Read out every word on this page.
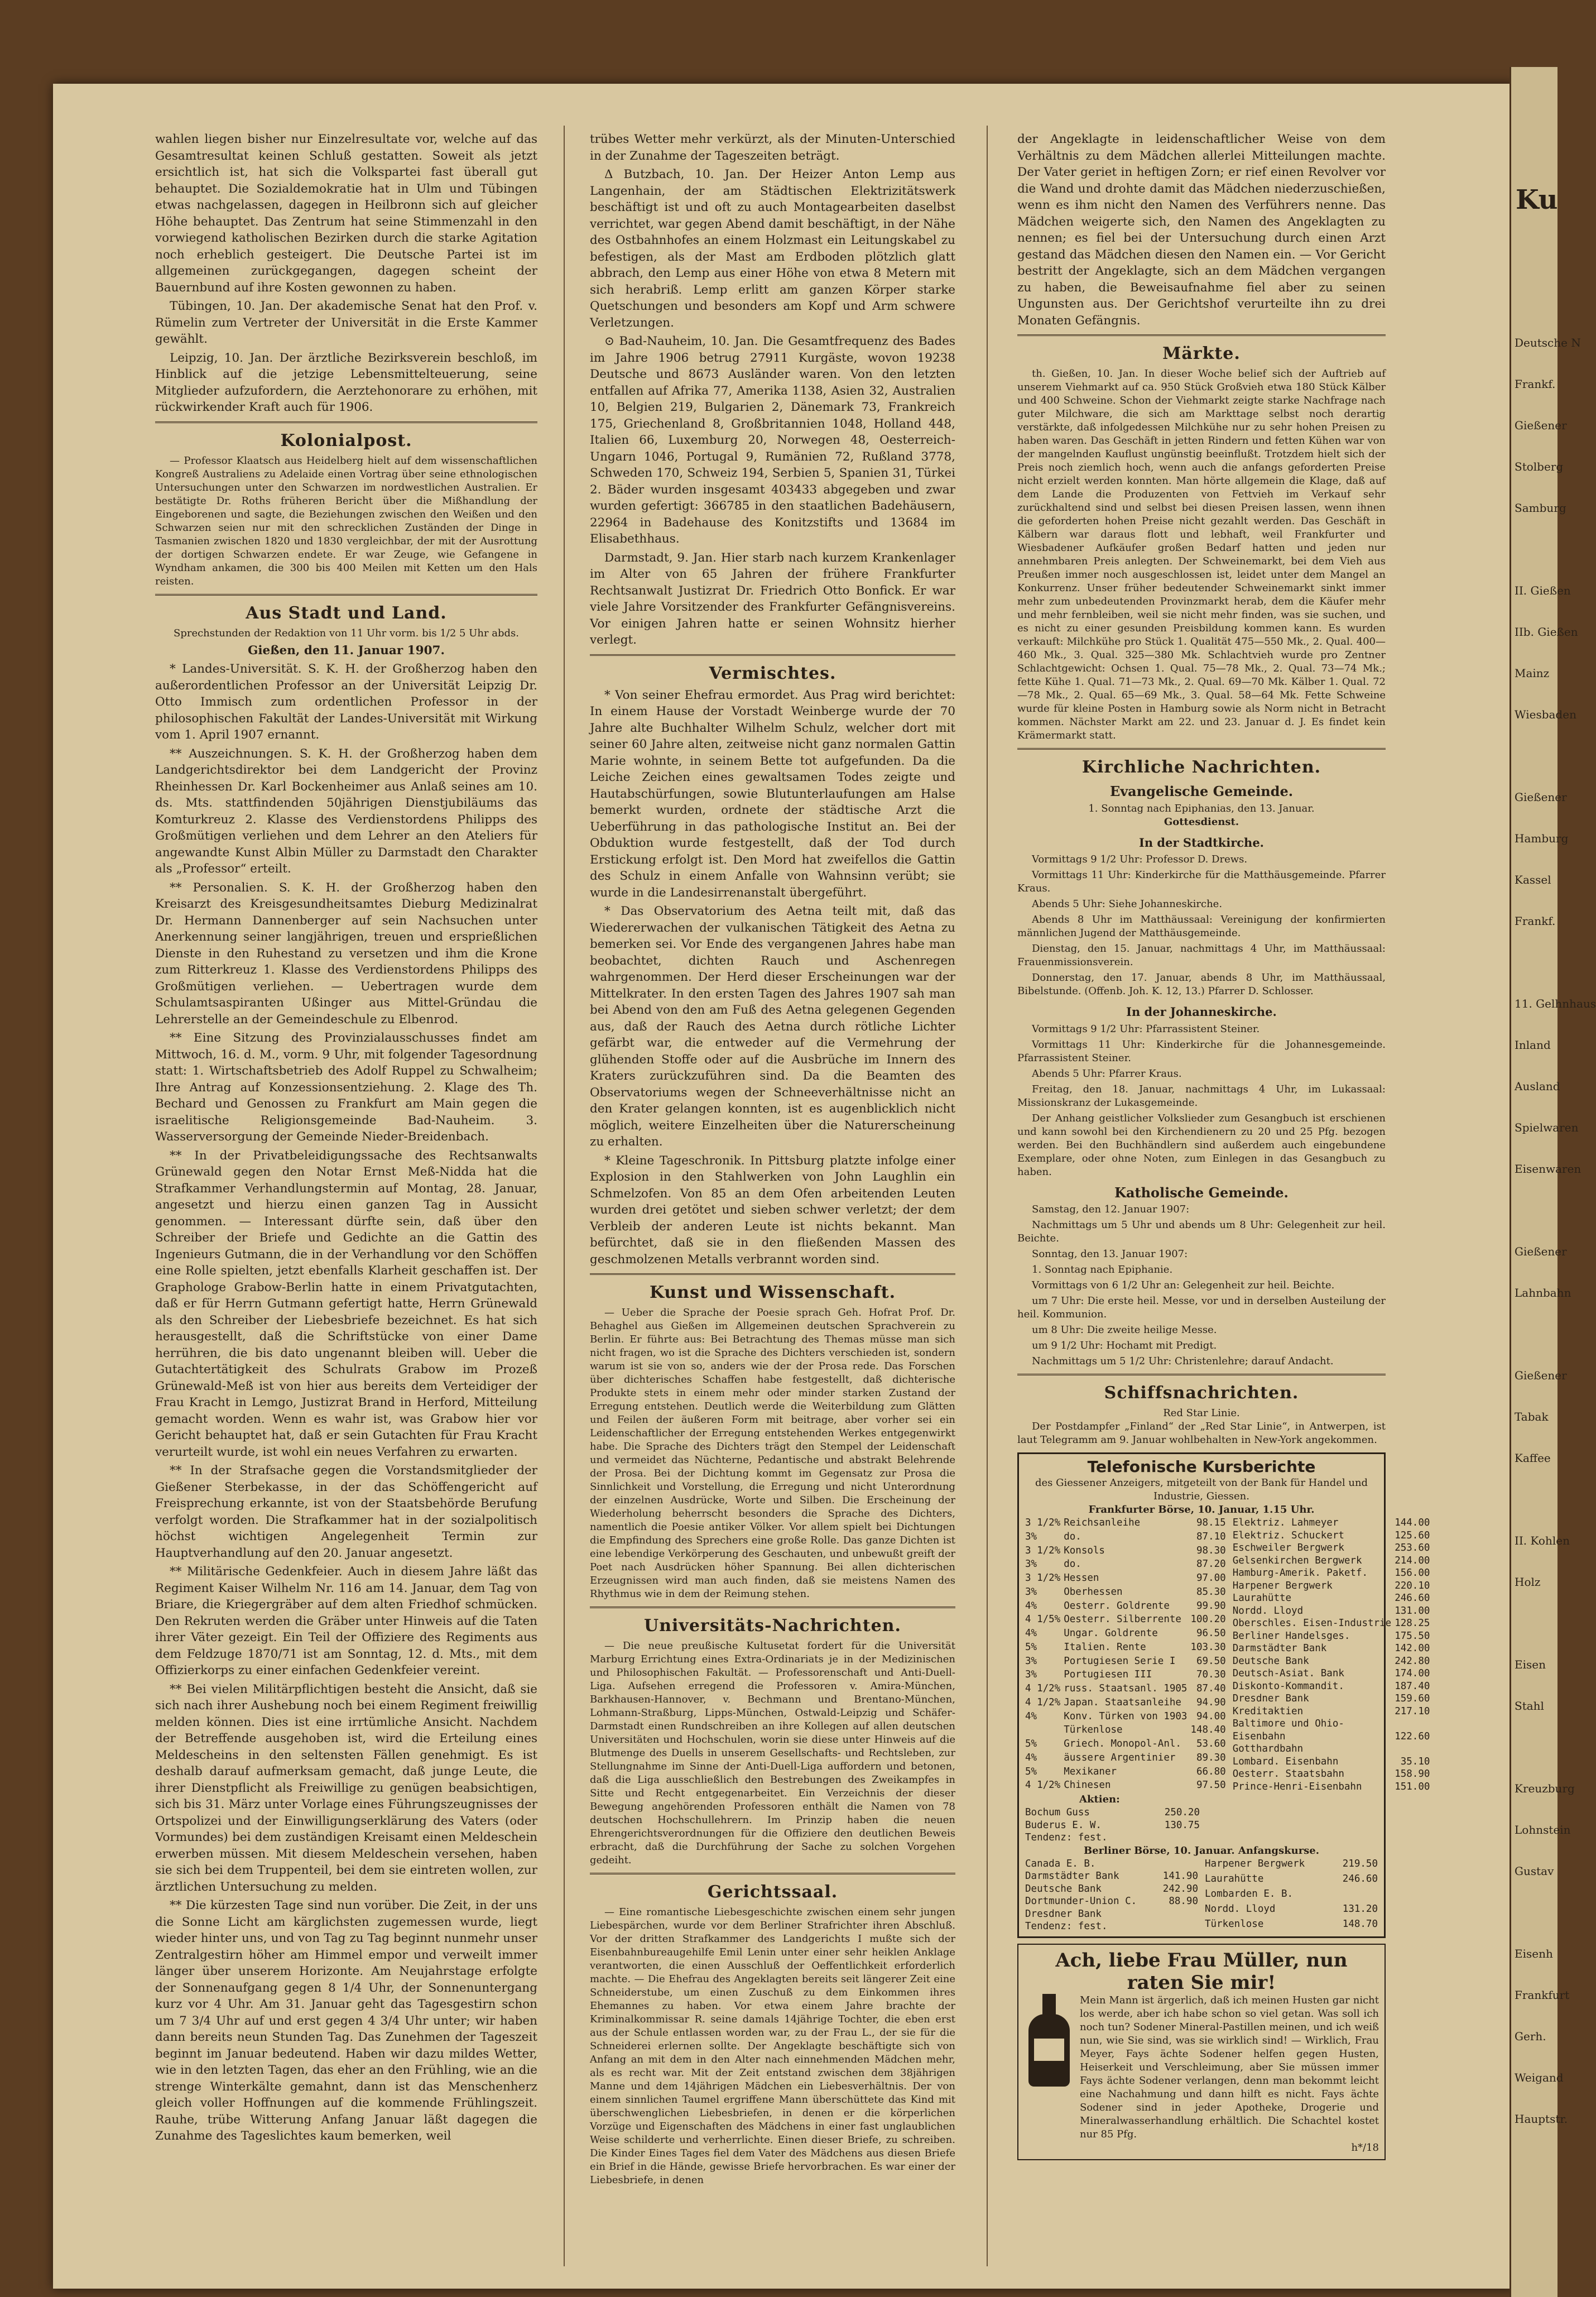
wahlen liegen bisher nur Einzelresultate vor, welche auf das Gesamtresultat keinen Schluß gestatten. Soweit als jetzt ersichtlich ist, hat sich die Volkspartei fast überall gut behauptet. Die Sozialdemokratie hat in Ulm und Tübingen etwas nachgelassen, dagegen in Heilbronn sich auf gleicher Höhe behauptet. Das Zentrum hat seine Stimmenzahl in den vorwiegend katholischen Bezirken durch die starke Agitation noch erheblich gesteigert. Die Deutsche Partei ist im allgemeinen zurückgegangen, dagegen scheint der Bauernbund auf ihre Kosten gewonnen zu haben.

Tübingen, 10. Jan. Der akademische Senat hat den Prof. v. Rümelin zum Vertreter der Universität in die Erste Kammer gewählt.

Leipzig, 10. Jan. Der ärztliche Bezirksverein beschloß, im Hinblick auf die jetzige Lebensmittelteuerung, seine Mitglieder aufzufordern, die Aerztehonorare zu erhöhen, mit rückwirkender Kraft auch für 1906.

Kolonialpost.

— Professor Klaatsch aus Heidelberg hielt auf dem wissenschaftlichen Kongreß Australiens zu Adelaide einen Vortrag über seine ethnologischen Untersuchungen unter den Schwarzen im nordwestlichen Australien. Er bestätigte Dr. Roths früheren Bericht über die Mißhandlung der Eingeborenen und sagte, die Beziehungen zwischen den Weißen und den Schwarzen seien nur mit den schrecklichen Zuständen der Dinge in Tasmanien zwischen 1820 und 1830 vergleichbar, der mit der Ausrottung der dortigen Schwarzen endete. Er war Zeuge, wie Gefangene in Wyndham ankamen, die 300 bis 400 Meilen mit Ketten um den Hals reisten.

Aus Stadt und Land.
Sprechstunden der Redaktion von 11 Uhr vorm. bis 1/2 5 Uhr abds.
Gießen, den 11. Januar 1907.

* Landes-Universität. S. K. H. der Großherzog haben den außerordentlichen Professor an der Universität Leipzig Dr. Otto Immisch zum ordentlichen Professor in der philosophischen Fakultät der Landes-Universität mit Wirkung vom 1. April 1907 ernannt.

** Auszeichnungen. S. K. H. der Großherzog haben dem Landgerichtsdirektor bei dem Landgericht der Provinz Rheinhessen Dr. Karl Bockenheimer aus Anlaß seines am 10. ds. Mts. stattfindenden 50jährigen Dienstjubiläums das Komturkreuz 2. Klasse des Verdienstordens Philipps des Großmütigen verliehen und dem Lehrer an den Ateliers für angewandte Kunst Albin Müller zu Darmstadt den Charakter als „Professor“ erteilt.

** Personalien. S. K. H. der Großherzog haben den Kreisarzt des Kreisgesundheitsamtes Dieburg Medizinalrat Dr. Hermann Dannenberger auf sein Nachsuchen unter Anerkennung seiner langjährigen, treuen und ersprießlichen Dienste in den Ruhestand zu versetzen und ihm die Krone zum Ritterkreuz 1. Klasse des Verdienstordens Philipps des Großmütigen verliehen. — Uebertragen wurde dem Schulamtsaspiranten Ußinger aus Mittel-Gründau die Lehrerstelle an der Gemeindeschule zu Elbenrod.

** Eine Sitzung des Provinzialausschusses findet am Mittwoch, 16. d. M., vorm. 9 Uhr, mit folgender Tagesordnung statt: 1. Wirtschaftsbetrieb des Adolf Ruppel zu Schwalheim; Ihre Antrag auf Konzessionsentziehung. 2. Klage des Th. Bechard und Genossen zu Frankfurt am Main gegen die israelitische Religionsgemeinde Bad-Nauheim. 3. Wasserversorgung der Gemeinde Nieder-Breidenbach.

** In der Privatbeleidigungssache des Rechtsanwalts Grünewald gegen den Notar Ernst Meß-Nidda hat die Strafkammer Verhandlungstermin auf Montag, 28. Januar, angesetzt und hierzu einen ganzen Tag in Aussicht genommen. — Interessant dürfte sein, daß über den Schreiber der Briefe und Gedichte an die Gattin des Ingenieurs Gutmann, die in der Verhandlung vor den Schöffen eine Rolle spielten, jetzt ebenfalls Klarheit geschaffen ist. Der Graphologe Grabow-Berlin hatte in einem Privatgutachten, daß er für Herrn Gutmann gefertigt hatte, Herrn Grünewald als den Schreiber der Liebesbriefe bezeichnet. Es hat sich herausgestellt, daß die Schriftstücke von einer Dame herrühren, die bis dato ungenannt bleiben will. Ueber die Gutachtertätigkeit des Schulrats Grabow im Prozeß Grünewald-Meß ist von hier aus bereits dem Verteidiger der Frau Kracht in Lemgo, Justizrat Brand in Herford, Mitteilung gemacht worden. Wenn es wahr ist, was Grabow hier vor Gericht behauptet hat, daß er sein Gutachten für Frau Kracht verurteilt wurde, ist wohl ein neues Verfahren zu erwarten.

** In der Strafsache gegen die Vorstandsmitglieder der Gießener Sterbekasse, in der das Schöffengericht auf Freisprechung erkannte, ist von der Staatsbehörde Berufung verfolgt worden. Die Strafkammer hat in der sozialpolitisch höchst wichtigen Angelegenheit Termin zur Hauptverhandlung auf den 20. Januar angesetzt.

** Militärische Gedenkfeier. Auch in diesem Jahre läßt das Regiment Kaiser Wilhelm Nr. 116 am 14. Januar, dem Tag von Briare, die Kriegergräber auf dem alten Friedhof schmücken. Den Rekruten werden die Gräber unter Hinweis auf die Taten ihrer Väter gezeigt. Ein Teil der Offiziere des Regiments aus dem Feldzuge 1870/71 ist am Sonntag, 12. d. Mts., mit dem Offizierkorps zu einer einfachen Gedenkfeier vereint.

** Bei vielen Militärpflichtigen besteht die Ansicht, daß sie sich nach ihrer Aushebung noch bei einem Regiment freiwillig melden können. Dies ist eine irrtümliche Ansicht. Nachdem der Betreffende ausgehoben ist, wird die Erteilung eines Meldescheins in den seltensten Fällen genehmigt. Es ist deshalb darauf aufmerksam gemacht, daß junge Leute, die ihrer Dienstpflicht als Freiwillige zu genügen beabsichtigen, sich bis 31. März unter Vorlage eines Führungszeugnisses der Ortspolizei und der Einwilligungserklärung des Vaters (oder Vormundes) bei dem zuständigen Kreisamt einen Meldeschein erwerben müssen. Mit diesem Meldeschein versehen, haben sie sich bei dem Truppenteil, bei dem sie eintreten wollen, zur ärztlichen Untersuchung zu melden.

** Die kürzesten Tage sind nun vorüber. Die Zeit, in der uns die Sonne Licht am kärglichsten zugemessen wurde, liegt wieder hinter uns, und von Tag zu Tag beginnt nunmehr unser Zentralgestirn höher am Himmel empor und verweilt immer länger über unserem Horizonte. Am Neujahrstage erfolgte der Sonnenaufgang gegen 8 1/4 Uhr, der Sonnenuntergang kurz vor 4 Uhr. Am 31. Januar geht das Tagesgestirn schon um 7 3/4 Uhr auf und erst gegen 4 3/4 Uhr unter; wir haben dann bereits neun Stunden Tag. Das Zunehmen der Tageszeit beginnt im Januar bedeutend. Haben wir dazu mildes Wetter, wie in den letzten Tagen, das eher an den Frühling, wie an die strenge Winterkälte gemahnt, dann ist das Menschenherz gleich voller Hoffnungen auf die kommende Frühlingszeit. Rauhe, trübe Witterung Anfang Januar läßt dagegen die Zunahme des Tageslichtes kaum bemerken, weil

trübes Wetter mehr verkürzt, als der Minuten-Unterschied in der Zunahme der Tageszeiten beträgt.

Δ Butzbach, 10. Jan. Der Heizer Anton Lemp aus Langenhain, der am Städtischen Elektrizitätswerk beschäftigt ist und oft zu auch Montagearbeiten daselbst verrichtet, war gegen Abend damit beschäftigt, in der Nähe des Ostbahnhofes an einem Holzmast ein Leitungskabel zu befestigen, als der Mast am Erdboden plötzlich glatt abbrach, den Lemp aus einer Höhe von etwa 8 Metern mit sich herabriß. Lemp erlitt am ganzen Körper starke Quetschungen und besonders am Kopf und Arm schwere Verletzungen.

⊙ Bad-Nauheim, 10. Jan. Die Gesamtfrequenz des Bades im Jahre 1906 betrug 27911 Kurgäste, wovon 19238 Deutsche und 8673 Ausländer waren. Von den letzten entfallen auf Afrika 77, Amerika 1138, Asien 32, Australien 10, Belgien 219, Bulgarien 2, Dänemark 73, Frankreich 175, Griechenland 8, Großbritannien 1048, Holland 448, Italien 66, Luxemburg 20, Norwegen 48, Oesterreich-Ungarn 1046, Portugal 9, Rumänien 72, Rußland 3778, Schweden 170, Schweiz 194, Serbien 5, Spanien 31, Türkei 2. Bäder wurden insgesamt 403433 abgegeben und zwar wurden gefertigt: 366785 in den staatlichen Badehäusern, 22964 in Badehause des Konitzstifts und 13684 im Elisabethhaus.

Darmstadt, 9. Jan. Hier starb nach kurzem Krankenlager im Alter von 65 Jahren der frühere Frankfurter Rechtsanwalt Justizrat Dr. Friedrich Otto Bonfick. Er war viele Jahre Vorsitzender des Frankfurter Gefängnisvereins. Vor einigen Jahren hatte er seinen Wohnsitz hierher verlegt.

Vermischtes.

* Von seiner Ehefrau ermordet. Aus Prag wird berichtet: In einem Hause der Vorstadt Weinberge wurde der 70 Jahre alte Buchhalter Wilhelm Schulz, welcher dort mit seiner 60 Jahre alten, zeitweise nicht ganz normalen Gattin Marie wohnte, in seinem Bette tot aufgefunden. Da die Leiche Zeichen eines gewaltsamen Todes zeigte und Hautabschürfungen, sowie Blutunterlaufungen am Halse bemerkt wurden, ordnete der städtische Arzt die Ueberführung in das pathologische Institut an. Bei der Obduktion wurde festgestellt, daß der Tod durch Erstickung erfolgt ist. Den Mord hat zweifellos die Gattin des Schulz in einem Anfalle von Wahnsinn verübt; sie wurde in die Landesirrenanstalt übergeführt.

* Das Observatorium des Aetna teilt mit, daß das Wiedererwachen der vulkanischen Tätigkeit des Aetna zu bemerken sei. Vor Ende des vergangenen Jahres habe man beobachtet, dichten Rauch und Aschenregen wahrgenommen. Der Herd dieser Erscheinungen war der Mittelkrater. In den ersten Tagen des Jahres 1907 sah man bei Abend von den am Fuß des Aetna gelegenen Gegenden aus, daß der Rauch des Aetna durch rötliche Lichter gefärbt war, die entweder auf die Vermehrung der glühenden Stoffe oder auf die Ausbrüche im Innern des Kraters zurückzuführen sind. Da die Beamten des Observatoriums wegen der Schneeverhältnisse nicht an den Krater gelangen konnten, ist es augenblicklich nicht möglich, weitere Einzelheiten über die Naturerscheinung zu erhalten.

* Kleine Tageschronik. In Pittsburg platzte infolge einer Explosion in den Stahlwerken von John Laughlin ein Schmelzofen. Von 85 an dem Ofen arbeitenden Leuten wurden drei getötet und sieben schwer verletzt; der dem Verbleib der anderen Leute ist nichts bekannt. Man befürchtet, daß sie in den fließenden Massen des geschmolzenen Metalls verbrannt worden sind.

Kunst und Wissenschaft.

— Ueber die Sprache der Poesie sprach Geh. Hofrat Prof. Dr. Behaghel aus Gießen im Allgemeinen deutschen Sprachverein zu Berlin. Er führte aus: Bei Betrachtung des Themas müsse man sich nicht fragen, wo ist die Sprache des Dichters verschieden ist, sondern warum ist sie von so, anders wie der der Prosa rede. Das Forschen über dichterisches Schaffen habe festgestellt, daß dichterische Produkte stets in einem mehr oder minder starken Zustand der Erregung entstehen. Deutlich werde die Weiterbildung zum Glätten und Feilen der äußeren Form mit beitrage, aber vorher sei ein Leidenschaftlicher der Erregung entstehenden Werkes entgegenwirkt habe. Die Sprache des Dichters trägt den Stempel der Leidenschaft und vermeidet das Nüchterne, Pedantische und abstrakt Belehrende der Prosa. Bei der Dichtung kommt im Gegensatz zur Prosa die Sinnlichkeit und Vorstellung, die Erregung und nicht Unterordnung der einzelnen Ausdrücke, Worte und Silben. Die Erscheinung der Wiederholung beherrscht besonders die Sprache des Dichters, namentlich die Poesie antiker Völker. Vor allem spielt bei Dichtungen die Empfindung des Sprechers eine große Rolle. Das ganze Dichten ist eine lebendige Verkörperung des Geschauten, und unbewußt greift der Poet nach Ausdrücken höher Spannung. Bei allen dichterischen Erzeugnissen wird man auch finden, daß sie meistens Namen des Rhythmus wie in dem der Reimung stehen.

Universitäts-Nachrichten.

— Die neue preußische Kultusetat fordert für die Universität Marburg Errichtung eines Extra-Ordinariats je in der Medizinischen und Philosophischen Fakultät. — Professorenschaft und Anti-Duell-Liga. Aufsehen erregend die Professoren v. Amira-München, Barkhausen-Hannover, v. Bechmann und Brentano-München, Lohmann-Straßburg, Lipps-München, Ostwald-Leipzig und Schäfer-Darmstadt einen Rundschreiben an ihre Kollegen auf allen deutschen Universitäten und Hochschulen, worin sie diese unter Hinweis auf die Blutmenge des Duells in unserem Gesellschafts- und Rechtsleben, zur Stellungnahme im Sinne der Anti-Duell-Liga auffordern und betonen, daß die Liga ausschließlich den Bestrebungen des Zweikampfes in Sitte und Recht entgegenarbeitet. Ein Verzeichnis der dieser Bewegung angehörenden Professoren enthält die Namen von 78 deutschen Hochschullehrern. Im Prinzip haben die neuen Ehrengerichtsverordnungen für die Offiziere den deutlichen Beweis erbracht, daß die Durchführung der Sache zu solchen Vorgehen gedeiht.

Gerichtssaal.

— Eine romantische Liebesgeschichte zwischen einem sehr jungen Liebespärchen, wurde vor dem Berliner Strafrichter ihren Abschluß. Vor der dritten Strafkammer des Landgerichts I mußte sich der Eisenbahnbureaugehilfe Emil Lenin unter einer sehr heiklen Anklage verantworten, die einen Ausschluß der Oeffentlichkeit erforderlich machte. — Die Ehefrau des Angeklagten bereits seit längerer Zeit eine Schneiderstube, um einen Zuschuß zu dem Einkommen ihres Ehemannes zu haben. Vor etwa einem Jahre brachte der Kriminalkommissar R. seine damals 14jährige Tochter, die eben erst aus der Schule entlassen worden war, zu der Frau L., der sie für die Schneiderei erlernen sollte. Der Angeklagte beschäftigte sich von Anfang an mit dem in den Alter nach einnehmenden Mädchen mehr, als es recht war. Mit der Zeit entstand zwischen dem 38jährigen Manne und dem 14jährigen Mädchen ein Liebesverhältnis. Der von einem sinnlichen Taumel ergriffene Mann überschüttete das Kind mit überschwenglichen Liebesbriefen, in denen er die körperlichen Vorzüge und Eigenschaften des Mädchens in einer fast unglaublichen Weise schilderte und verherrlichte. Einen dieser Briefe, zu schreiben. Die Kinder Eines Tages fiel dem Vater des Mädchens aus diesen Briefe ein Brief in die Hände, gewisse Briefe hervorbrachen. Es war einer der Liebesbriefe, in denen

der Angeklagte in leidenschaftlicher Weise von dem Verhältnis zu dem Mädchen allerlei Mitteilungen machte. Der Vater geriet in heftigen Zorn; er rief einen Revolver vor die Wand und drohte damit das Mädchen niederzuschießen, wenn es ihm nicht den Namen des Verführers nenne. Das Mädchen weigerte sich, den Namen des Angeklagten zu nennen; es fiel bei der Untersuchung durch einen Arzt gestand das Mädchen diesen den Namen ein. — Vor Gericht bestritt der Angeklagte, sich an dem Mädchen vergangen zu haben, die Beweisaufnahme fiel aber zu seinen Ungunsten aus. Der Gerichtshof verurteilte ihn zu drei Monaten Gefängnis.

Märkte.

th. Gießen, 10. Jan. In dieser Woche belief sich der Auftrieb auf unserem Viehmarkt auf ca. 950 Stück Großvieh etwa 180 Stück Kälber und 400 Schweine. Schon der Viehmarkt zeigte starke Nachfrage nach guter Milchware, die sich am Markttage selbst noch derartig verstärkte, daß infolgedessen Milchkühe nur zu sehr hohen Preisen zu haben waren. Das Geschäft in jetten Rindern und fetten Kühen war von der mangelnden Kauflust ungünstig beeinflußt. Trotzdem hielt sich der Preis noch ziemlich hoch, wenn auch die anfangs geforderten Preise nicht erzielt werden konnten. Man hörte allgemein die Klage, daß auf dem Lande die Produzenten von Fettvieh im Verkauf sehr zurückhaltend sind und selbst bei diesen Preisen lassen, wenn ihnen die geforderten hohen Preise nicht gezahlt werden. Das Geschäft in Kälbern war daraus flott und lebhaft, weil Frankfurter und Wiesbadener Aufkäufer großen Bedarf hatten und jeden nur annehmbaren Preis anlegten. Der Schweinemarkt, bei dem Vieh aus Preußen immer noch ausgeschlossen ist, leidet unter dem Mangel an Konkurrenz. Unser früher bedeutender Schweinemarkt sinkt immer mehr zum unbedeutenden Provinzmarkt herab, dem die Käufer mehr und mehr fernbleiben, weil sie nicht mehr finden, was sie suchen, und es nicht zu einer gesunden Preisbildung kommen kann. Es wurden verkauft: Milchkühe pro Stück 1. Qualität 475—550 Mk., 2. Qual. 400—460 Mk., 3. Qual. 325—380 Mk. Schlachtvieh wurde pro Zentner Schlachtgewicht: Ochsen 1. Qual. 75—78 Mk., 2. Qual. 73—74 Mk.; fette Kühe 1. Qual. 71—73 Mk., 2. Qual. 69—70 Mk. Kälber 1. Qual. 72—78 Mk., 2. Qual. 65—69 Mk., 3. Qual. 58—64 Mk. Fette Schweine wurde für kleine Posten in Hamburg sowie als Norm nicht in Betracht kommen. Nächster Markt am 22. und 23. Januar d. J. Es findet kein Krämermarkt statt.

Kirchliche Nachrichten.
Evangelische Gemeinde.
1. Sonntag nach Epiphanias, den 13. Januar.
Gottesdienst.
In der Stadtkirche.

Vormittags 9 1/2 Uhr: Professor D. Drews.

Vormittags 11 Uhr: Kinderkirche für die Matthäusgemeinde. Pfarrer Kraus.

Abends 5 Uhr: Siehe Johanneskirche.

Abends 8 Uhr im Matthäussaal: Vereinigung der konfirmierten männlichen Jugend der Matthäusgemeinde.

Dienstag, den 15. Januar, nachmittags 4 Uhr, im Matthäussaal: Frauenmissionsverein.

Donnerstag, den 17. Januar, abends 8 Uhr, im Matthäussaal, Bibelstunde. (Offenb. Joh. K. 12, 13.) Pfarrer D. Schlosser.

In der Johanneskirche.

Vormittags 9 1/2 Uhr: Pfarrassistent Steiner.

Vormittags 11 Uhr: Kinderkirche für die Johannesgemeinde. Pfarrassistent Steiner.

Abends 5 Uhr: Pfarrer Kraus.

Freitag, den 18. Januar, nachmittags 4 Uhr, im Lukassaal: Missionskranz der Lukasgemeinde.

Der Anhang geistlicher Volkslieder zum Gesangbuch ist erschienen und kann sowohl bei den Kirchendienern zu 20 und 25 Pfg. bezogen werden. Bei den Buchhändlern sind außerdem auch eingebundene Exemplare, oder ohne Noten, zum Einlegen in das Gesangbuch zu haben.

Katholische Gemeinde.

Samstag, den 12. Januar 1907:

Nachmittags um 5 Uhr und abends um 8 Uhr: Gelegenheit zur heil. Beichte.

Sonntag, den 13. Januar 1907:

1. Sonntag nach Epiphanie.

Vormittags von 6 1/2 Uhr an: Gelegenheit zur heil. Beichte.

um 7 Uhr: Die erste heil. Messe, vor und in derselben Austeilung der heil. Kommunion.

um 8 Uhr: Die zweite heilige Messe.

um 9 1/2 Uhr: Hochamt mit Predigt.

Nachmittags um 5 1/2 Uhr: Christenlehre; darauf Andacht.

Schiffsnachrichten.
Red Star Linie.

Der Postdampfer „Finland“ der „Red Star Linie“, in Antwerpen, ist laut Telegramm am 9. Januar wohlbehalten in New-York angekommen.

Telefonische Kursberichte
des Giessener Anzeigers, mitgeteilt von der Bank für Handel und Industrie, Giessen.
Frankfurter Börse, 10. Januar, 1.15 Uhr.
3 1/2%	Reichsanleihe	98.15
3%	do.	87.10
3 1/2%	Konsols	98.30
3%	do.	87.20
3 1/2%	Hessen	97.00
3%	Oberhessen	85.30
4%	Oesterr. Goldrente	99.90
4 1/5%	Oesterr. Silberrente	100.20
4%	Ungar. Goldrente	96.50
5%	Italien. Rente	103.30
3%	Portugiesen Serie I	69.50
3%	Portugiesen III	70.30
4 1/2%	russ. Staatsanl. 1905	87.40
4 1/2%	Japan. Staatsanleihe	94.90
4%	Konv. Türken von 1903	94.00
	Türkenlose	148.40
5%	Griech. Monopol-Anl.	53.60
4%	äussere Argentinier	89.30
5%	Mexikaner	66.80
4 1/2%	Chinesen	97.50
Elektriz. Lahmeyer	144.00
Elektriz. Schuckert	125.60
Eschweiler Bergwerk	253.60
Gelsenkirchen Bergwerk	214.00
Hamburg-Amerik. Paketf.	156.00
Harpener Bergwerk	220.10
Laurahütte	246.60
Nordd. Lloyd	131.00
Oberschles. Eisen-Industrie	128.25
Berliner Handelsges.	175.50
Darmstädter Bank	142.00
Deutsche Bank	242.80
Deutsch-Asiat. Bank	174.00
Diskonto-Kommandit.	187.40
Dresdner Bank	159.60
Kreditaktien	217.10
Baltimore und Ohio-	
Eisenbahn	122.60
Gotthardbahn	
Lombard. Eisenbahn	35.10
Oesterr. Staatsbahn	158.90
Prince-Henri-Eisenbahn	151.00
Aktien:
Bochum Guss	250.20
Buderus E. W.	130.75
Tendenz: fest.	
Berliner Börse, 10. Januar. Anfangskurse.
Canada E. B.	
Darmstädter Bank	141.90
Deutsche Bank	242.90
Dortmunder-Union C.	88.90
Dresdner Bank	
Tendenz: fest.	
Harpener Bergwerk	219.50
Laurahütte	246.60
Lombarden E. B.	
Nordd. Lloyd	131.20
Türkenlose	148.70
Ach, liebe Frau Müller, nun raten Sie mir!
Mein Mann ist ärgerlich, daß ich meinen Husten gar nicht los werde, aber ich habe schon so viel getan. Was soll ich noch tun? Sodener Mineral-Pastillen meinen, und ich weiß nun, wie Sie sind, was sie wirklich sind! — Wirklich, Frau Meyer, Fays ächte Sodener helfen gegen Husten, Heiserkeit und Verschleimung, aber Sie müssen immer Fays ächte Sodener verlangen, denn man bekommt leicht eine Nachahmung und dann hilft es nicht. Fays ächte Sodener sind in jeder Apotheke, Drogerie und Mineralwasserhandlung erhältlich. Die Schachtel kostet nur 85 Pfg.
h*/18
Ku
Deutsche N
Frankf.
Gießener
Stolberg
Samburg
II. Gießen
IIb. Gießen
Mainz
Wiesbaden
Gießener
Hamburg
Kassel
Frankf.
11. Gelhnhaus
Inland
Ausland
Spielwaren
Eisenwaren
Gießener
Lahnbahn
Gießener
Tabak
Kaffee
II. Kohlen
Holz
Eisen
Stahl
Kreuzburg
Lohnstein
Gustav
Eisenh
Frankfurt
Gerh.
Weigand
Hauptstr.
